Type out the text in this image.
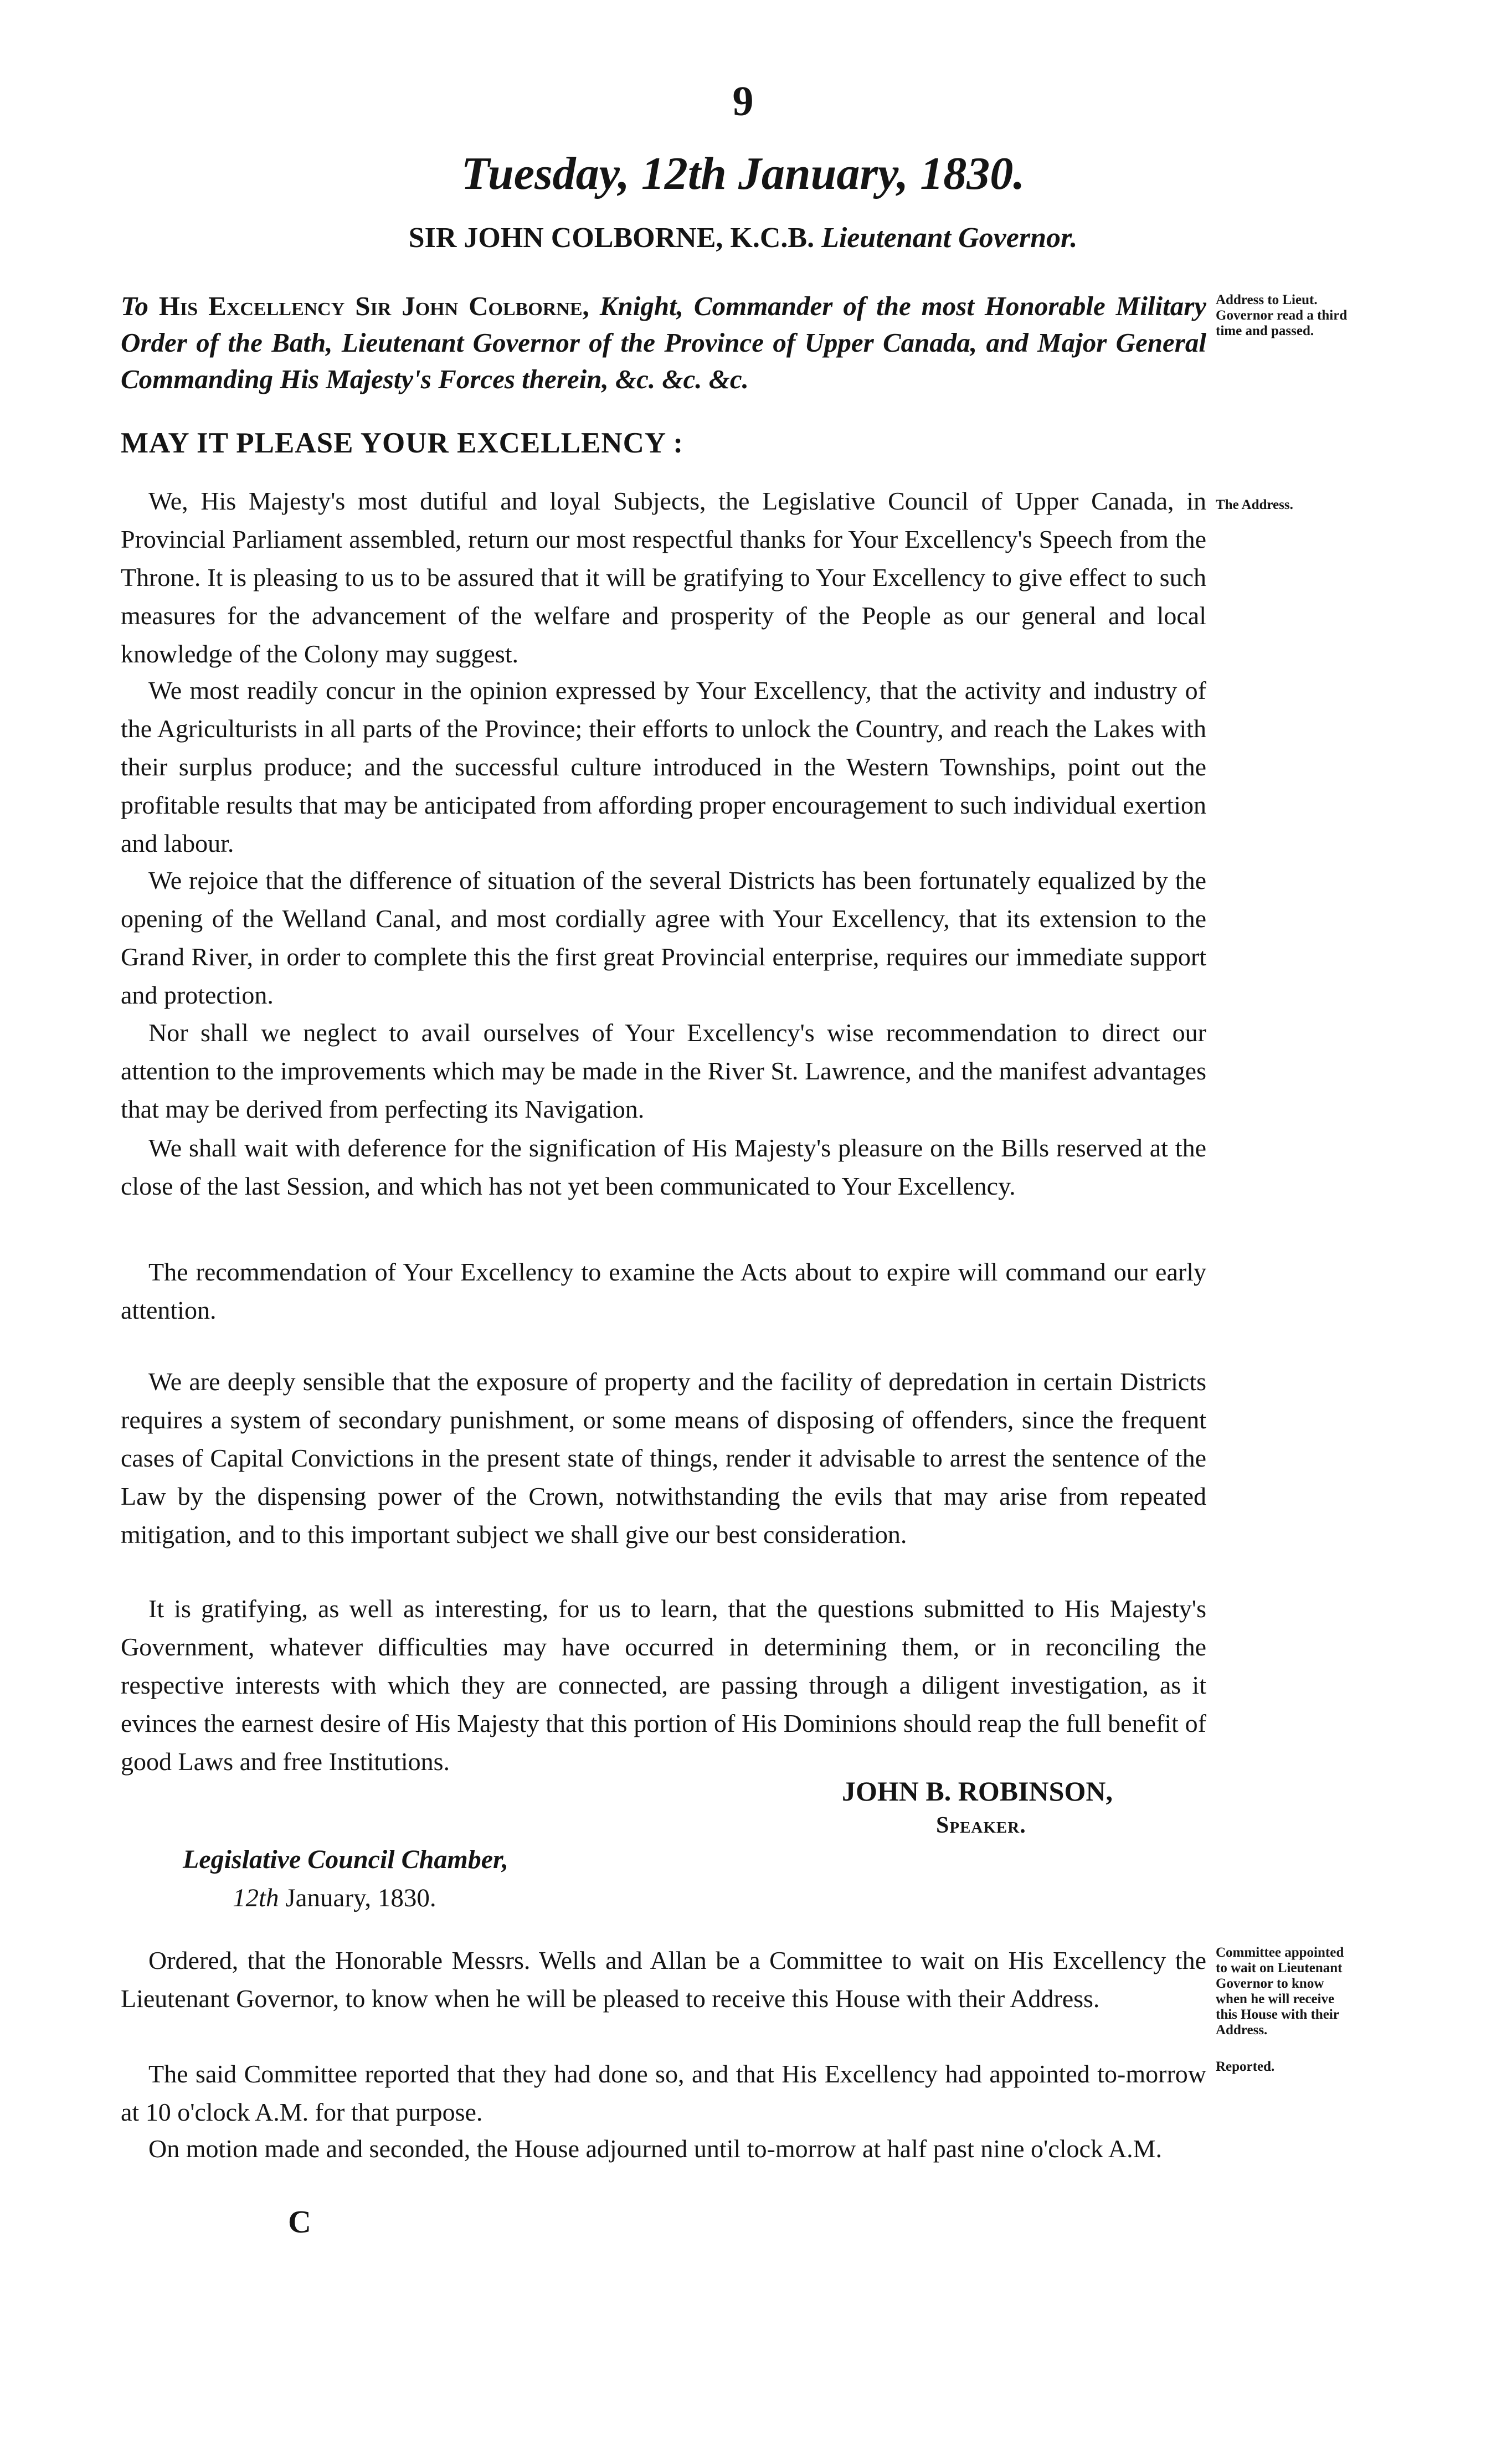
9
Tuesday, 12th January, 1830.
SIR JOHN COLBORNE, K.C.B. Lieutenant Governor.
To His Excellency Sir John Colborne, Knight, Commander of the most Honorable Military Order of the Bath, Lieutenant Governor of the Province of Upper Canada, and Major General Commanding His Majesty's Forces therein, &c. &c. &c.
Address to Lieut. Governor read a third time and passed.
MAY IT PLEASE YOUR EXCELLENCY :
We, His Majesty's most dutiful and loyal Subjects, the Legislative Council of Upper Canada, in Provincial Parliament assembled, return our most respectful thanks for Your Excellency's Speech from the Throne. It is pleasing to us to be assured that it will be gratifying to Your Excellency to give effect to such measures for the advancement of the welfare and prosperity of the People as our general and local knowledge of the Colony may suggest.
The Address.
We most readily concur in the opinion expressed by Your Excellency, that the activity and industry of the Agriculturists in all parts of the Province; their efforts to unlock the Country, and reach the Lakes with their surplus produce; and the successful culture introduced in the Western Townships, point out the profitable results that may be anticipated from affording proper encouragement to such individual exertion and labour.
We rejoice that the difference of situation of the several Districts has been fortunately equalized by the opening of the Welland Canal, and most cordially agree with Your Excellency, that its extension to the Grand River, in order to complete this the first great Provincial enterprise, requires our immediate support and protection.
Nor shall we neglect to avail ourselves of Your Excellency's wise recommendation to direct our attention to the improvements which may be made in the River St. Lawrence, and the manifest advantages that may be derived from perfecting its Navigation.
We shall wait with deference for the signification of His Majesty's pleasure on the Bills reserved at the close of the last Session, and which has not yet been communicated to Your Excellency.
The recommendation of Your Excellency to examine the Acts about to expire will command our early attention.
We are deeply sensible that the exposure of property and the facility of depredation in certain Districts requires a system of secondary punishment, or some means of disposing of offenders, since the frequent cases of Capital Convictions in the present state of things, render it advisable to arrest the sentence of the Law by the dispensing power of the Crown, notwithstanding the evils that may arise from repeated mitigation, and to this important subject we shall give our best consideration.
It is gratifying, as well as interesting, for us to learn, that the questions submitted to His Majesty's Government, whatever difficulties may have occurred in determining them, or in reconciling the respective interests with which they are connected, are passing through a diligent investigation, as it evinces the earnest desire of His Majesty that this portion of His Dominions should reap the full benefit of good Laws and free Institutions.
JOHN B. ROBINSON,
Speaker.
Legislative Council Chamber,
12th January, 1830.
Ordered, that the Honorable Messrs. Wells and Allan be a Committee to wait on His Excellency the Lieutenant Governor, to know when he will be pleased to receive this House with their Address.
Committee appointed to wait on Lieutenant Governor to know when he will receive this House with their Address.
The said Committee reported that they had done so, and that His Excellency had appointed to-morrow at 10 o'clock A.M. for that purpose.
Reported.
On motion made and seconded, the House adjourned until to-morrow at half past nine o'clock A.M.
C
